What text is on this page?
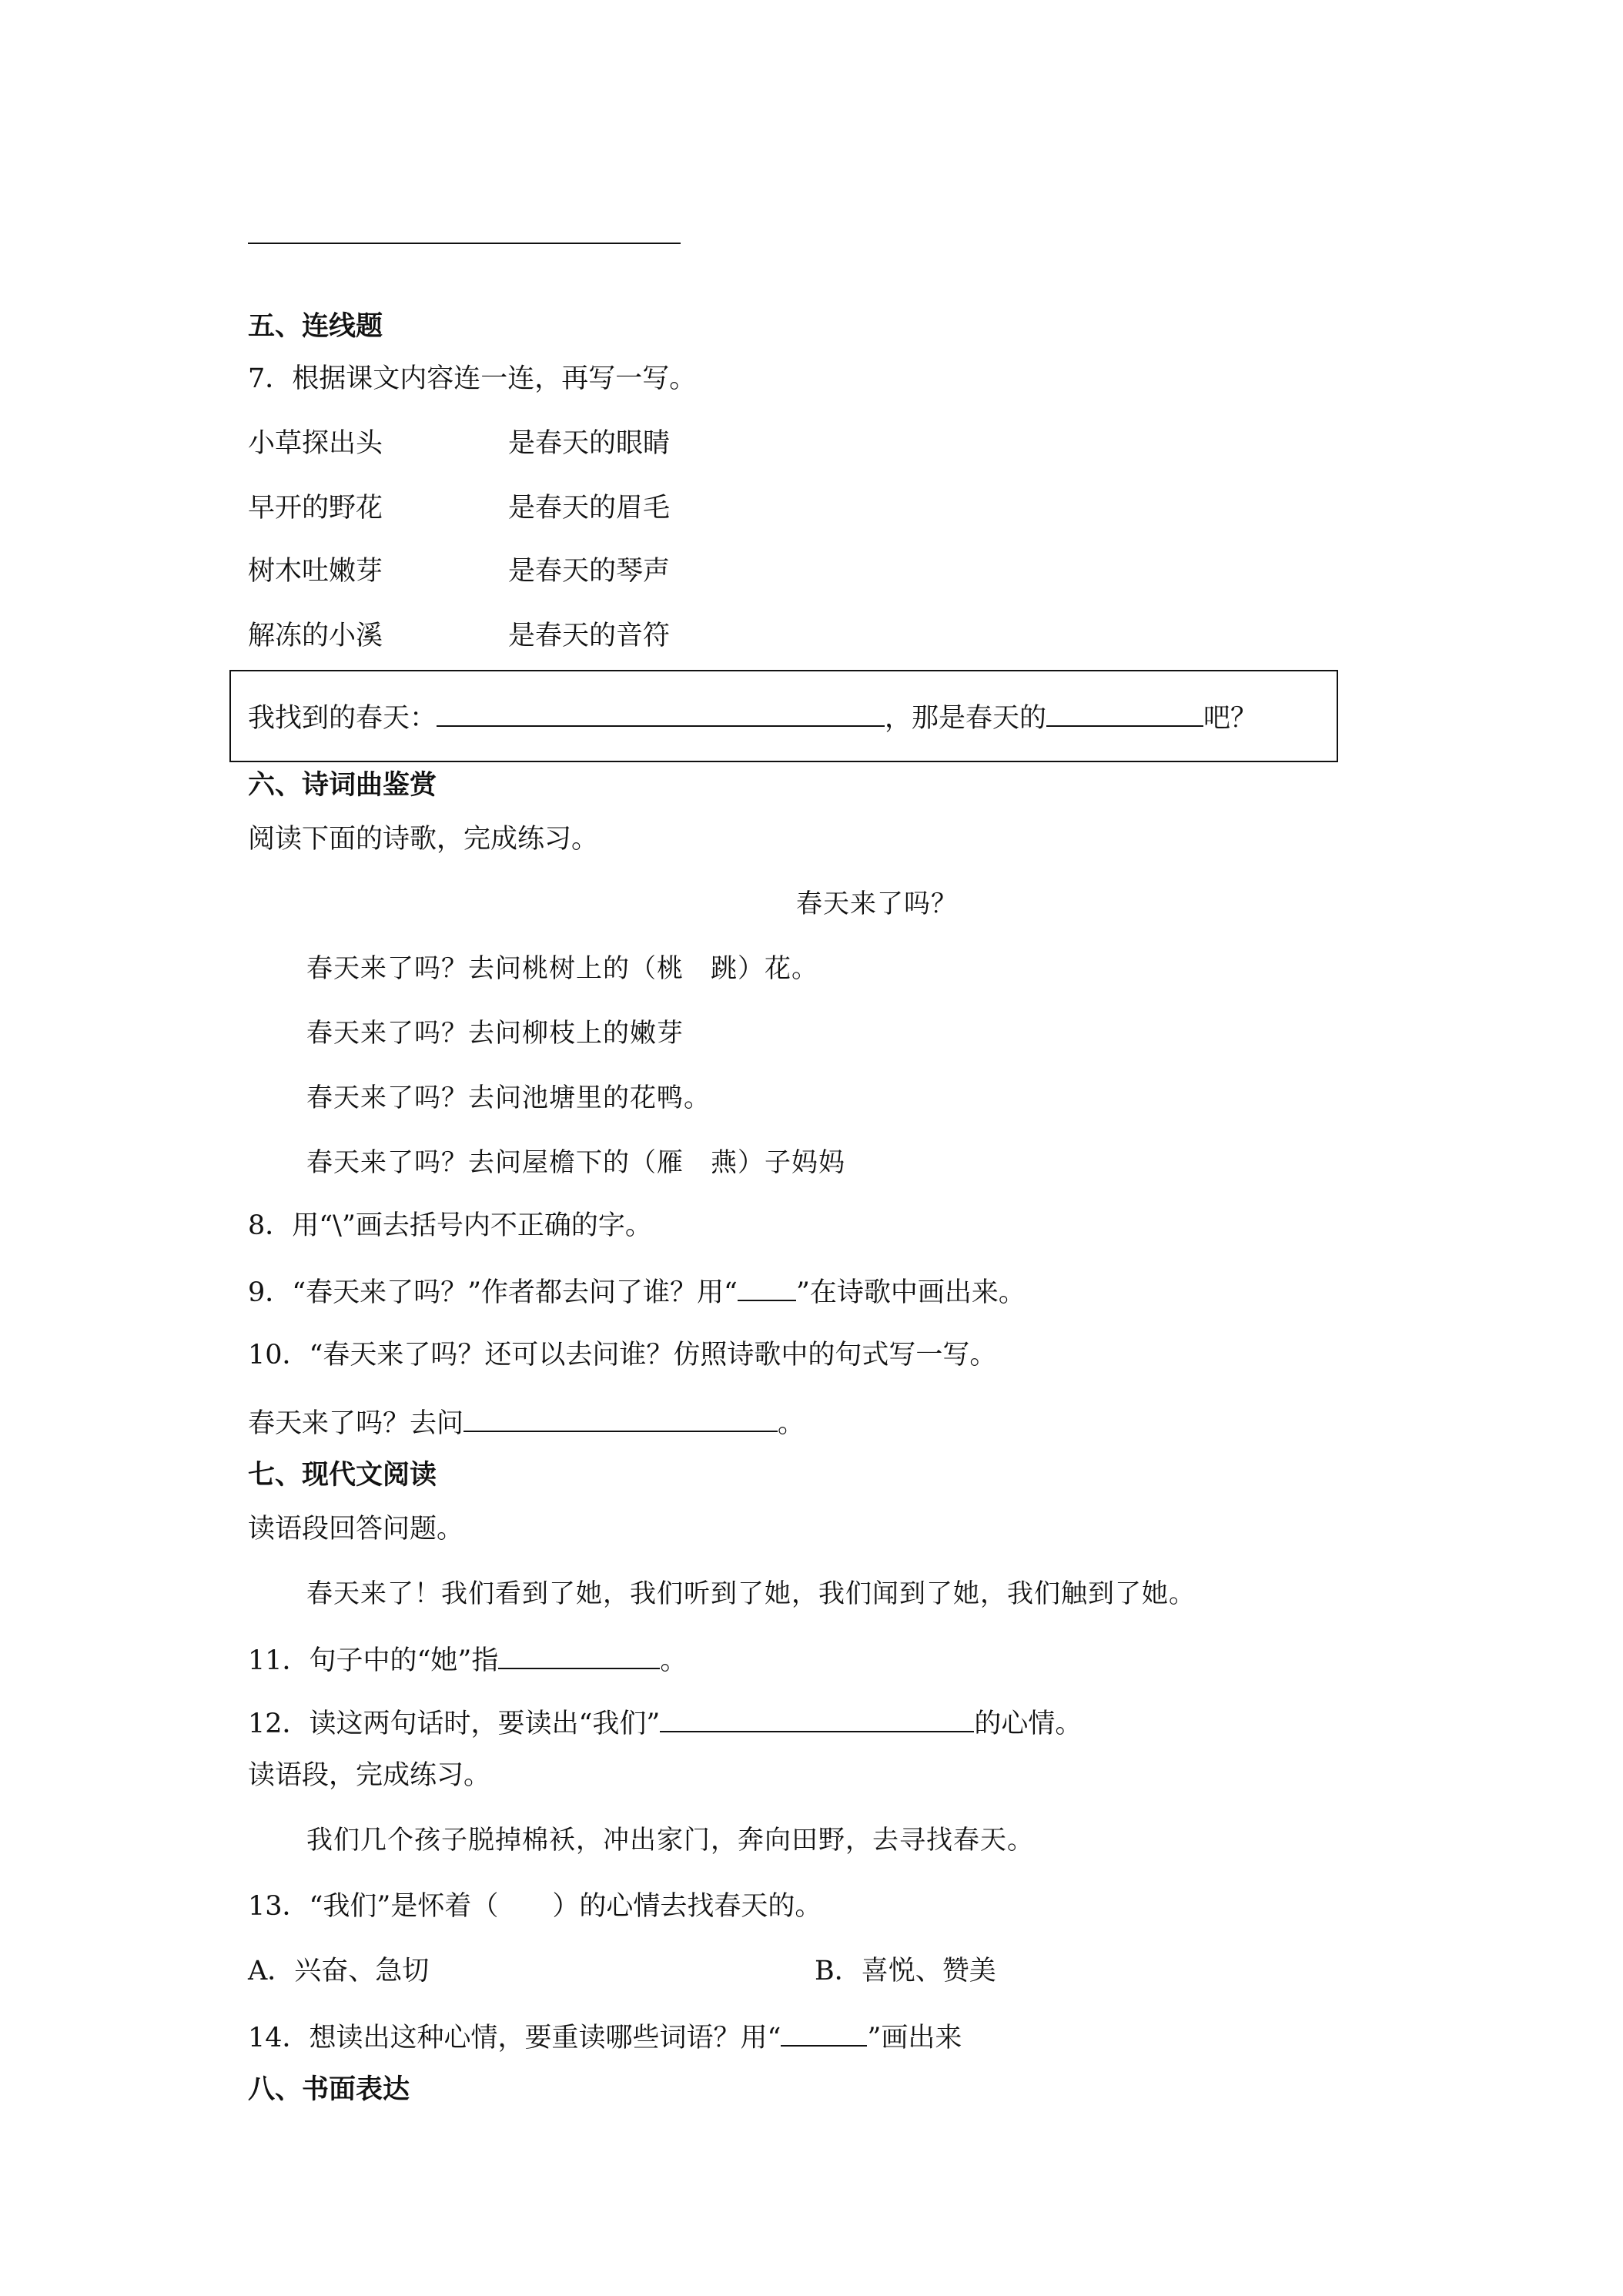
五、连线题
7．根据课文内容连一连，再写一写。
小草探出头	是春天的眼睛
早开的野花	是春天的眉毛
树木吐嫩芽	是春天的琴声
解冻的小溪	是春天的音符
我找到的春天：	，那是春天的	吧？
六、诗词曲鉴赏
阅读下面的诗歌，完成练习。
春天来了吗？
春天来了吗？去问桃树上的（桃　跳）花。
春天来了吗？去问柳枝上的嫩芽
春天来了吗？去问池塘里的花鸭。
春天来了吗？去问屋檐下的（雁　燕）子妈妈
8．用“\”画去括号内不正确的字。
9．“春天来了吗？”作者都去问了谁？用“ ”在诗歌中画出来。
10．“春天来了吗？还可以去问谁？仿照诗歌中的句式写一写。
春天来了吗？去问	。
七、现代文阅读
读语段回答问题。
春天来了！我们看到了她，我们听到了她，我们闻到了她，我们触到了她。
11．句子中的“她”指	。
12．读这两句话时，要读出“我们”	的心情。
读语段，完成练习。
我们几个孩子脱掉棉袄，冲出家门，奔向田野，去寻找春天。
13．“我们”是怀着（　　）的心情去找春天的。
A．兴奋、急切	B．喜悦、赞美
14．想读出这种心情，要重读哪些词语？用“	”画出来
八、书面表达
